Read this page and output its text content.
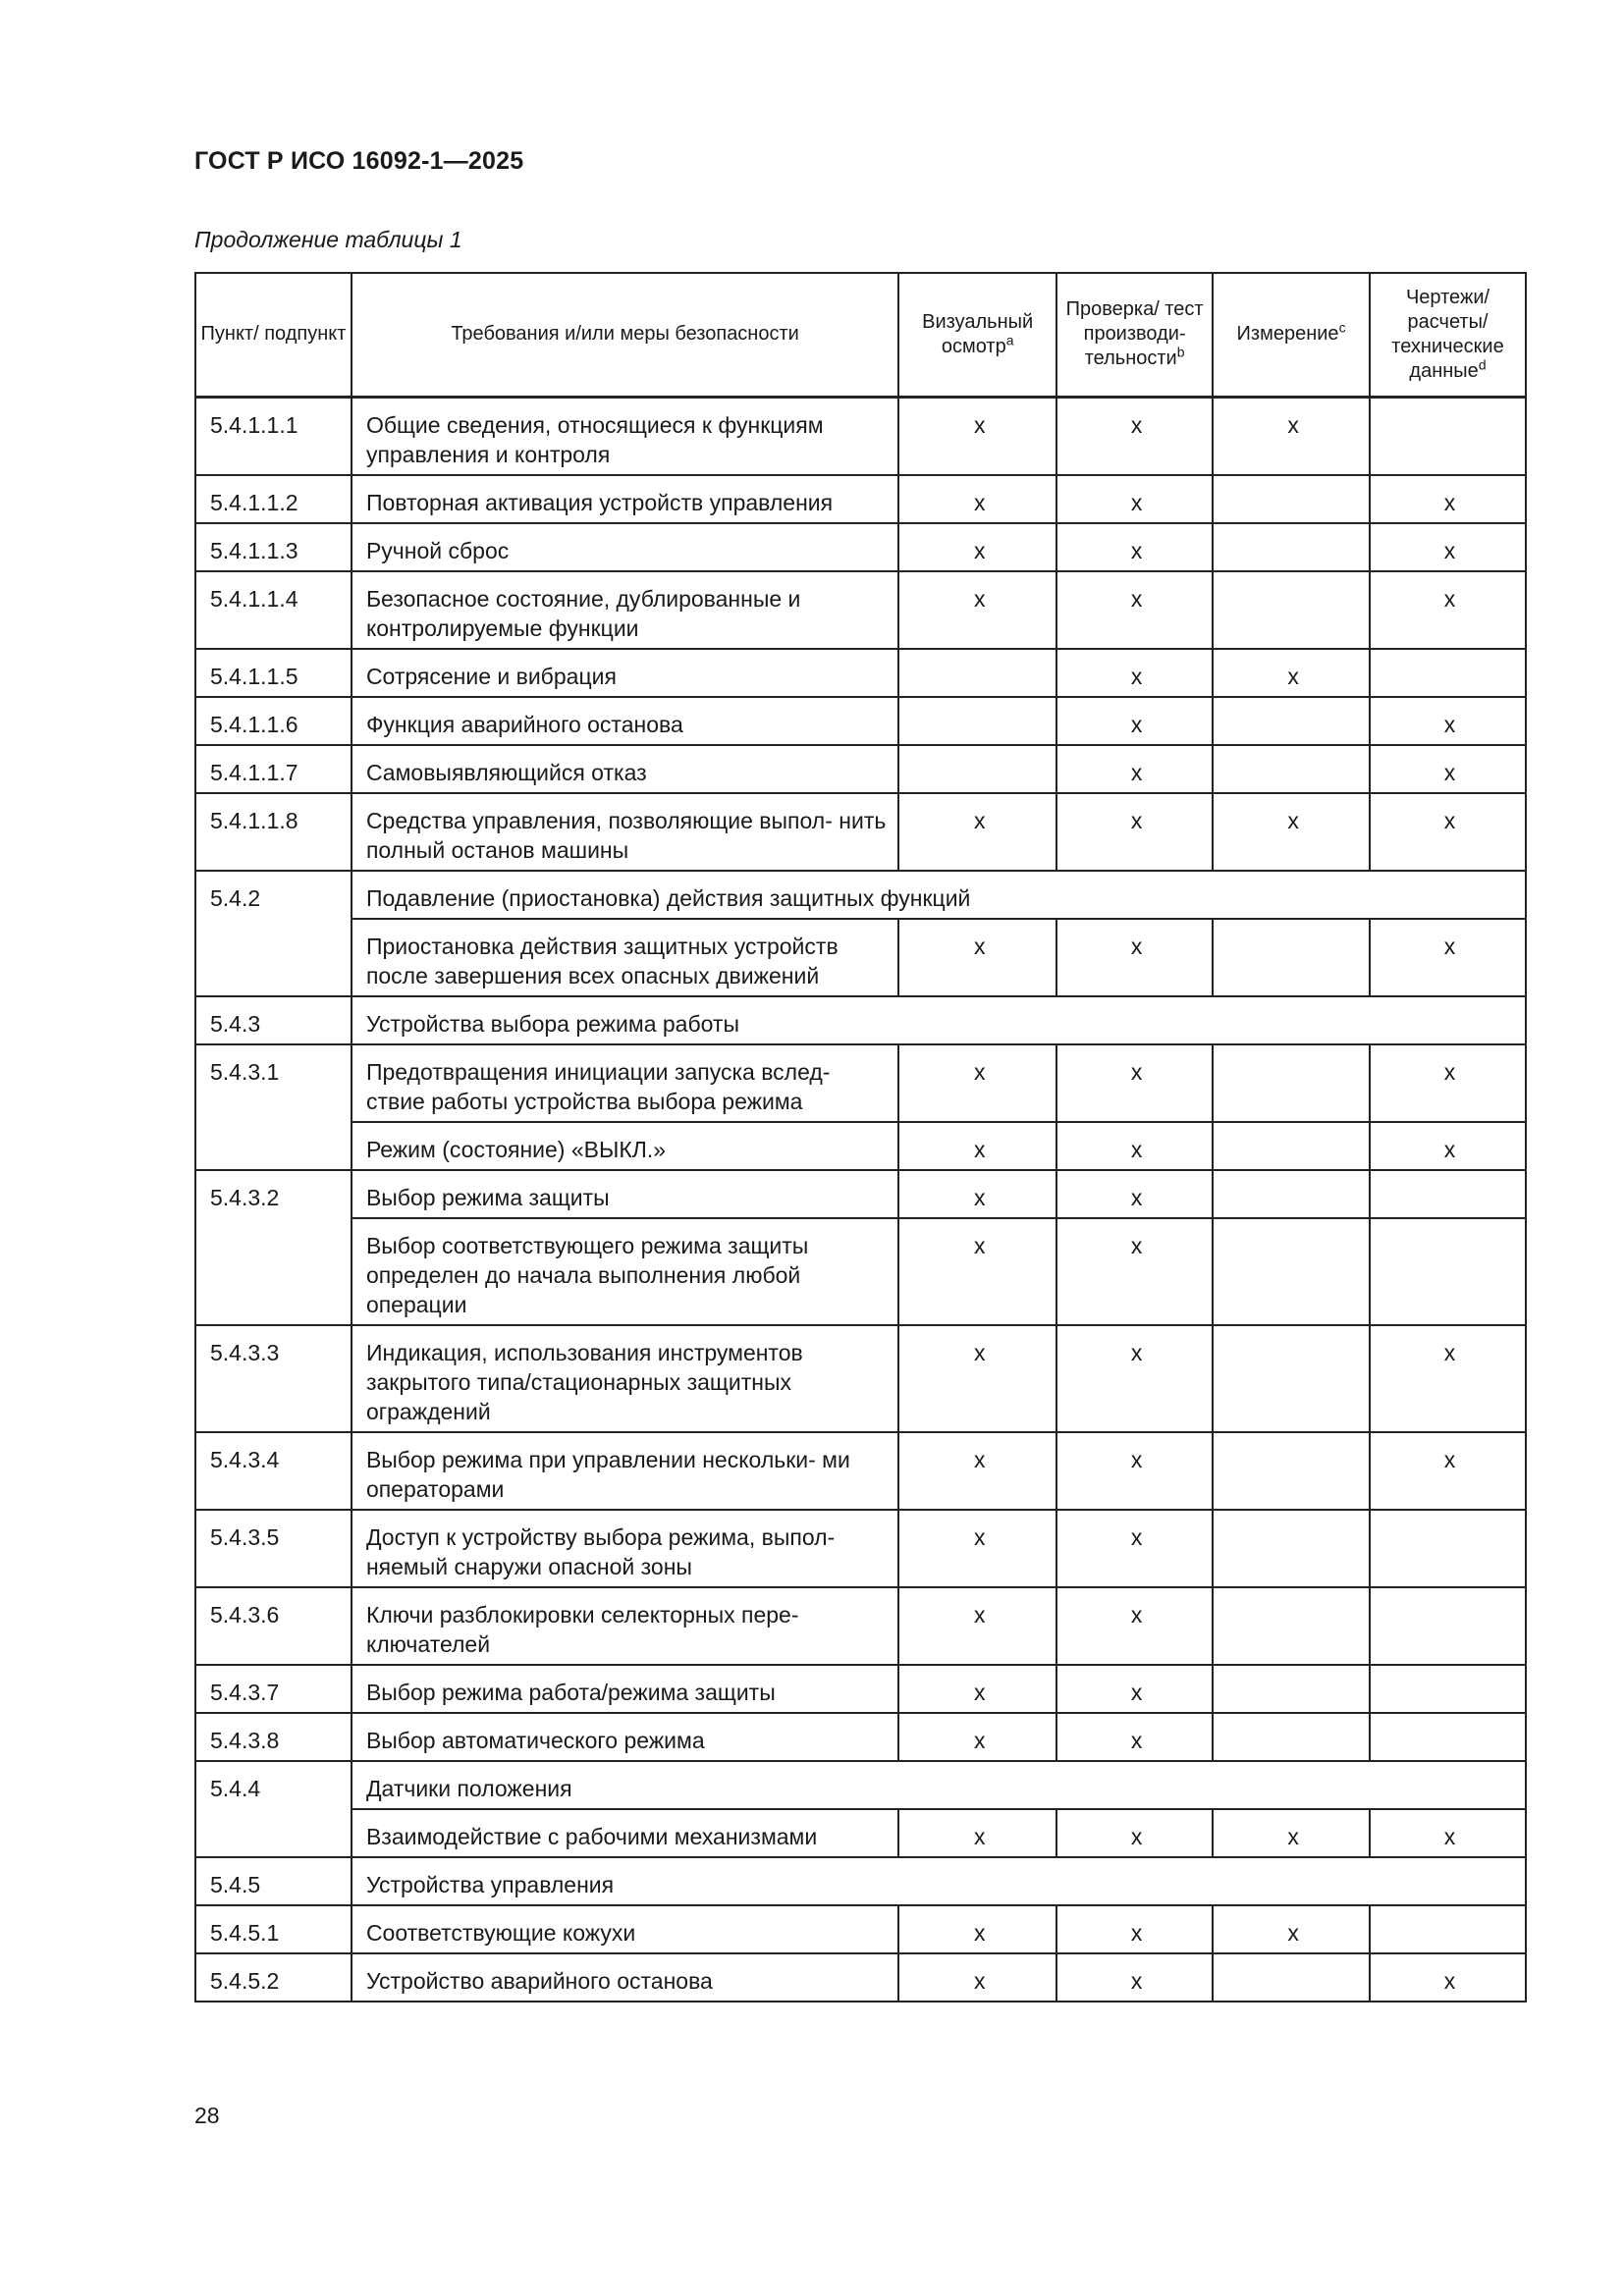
ГОСТ Р ИСО 16092-1—2025
Продолжение таблицы 1
Пункт/ подпункт	Требования и/или меры безопасности	Визуальный осмотр$^a$	Проверка/ тест производи- тельности$^b$	Измерение$^c$	Чертежи/ расчеты/ технические данные$^d$
5.4.1.1.1	Общие сведения, относящиеся к функциям управления и контроля	x	x	x	
5.4.1.1.2	Повторная активация устройств управления	x	x		x
5.4.1.1.3	Ручной сброс	x	x		x
5.4.1.1.4	Безопасное состояние, дублированные и контролируемые функции	x	x		x
5.4.1.1.5	Сотрясение и вибрация		x	x	
5.4.1.1.6	Функция аварийного останова		x		x
5.4.1.1.7	Самовыявляющийся отказ		x		x
5.4.1.1.8	Средства управления, позволяющие выпол- нить полный останов машины	x	x	x	x
5.4.2	Подавление (приостановка) действия защитных функций				
	Приостановка действия защитных устройств после завершения всех опасных движений	x	x		x
5.4.3	Устройства выбора режима работы				
5.4.3.1	Предотвращения инициации запуска вслед- ствие работы устройства выбора режима	x	x		x
	Режим (состояние) «ВЫКЛ.»	x	x		x
5.4.3.2	Выбор режима защиты	x	x		
	Выбор соответствующего режима защиты определен до начала выполнения любой операции	x	x		
5.4.3.3	Индикация, использования инструментов закрытого типа/стационарных защитных ограждений	x	x		x
5.4.3.4	Выбор режима при управлении нескольки- ми операторами	x	x		x
5.4.3.5	Доступ к устройству выбора режима, выпол- няемый снаружи опасной зоны	x	x		
5.4.3.6	Ключи разблокировки селекторных пере- ключателей	x	x		
5.4.3.7	Выбор режима работа/режима защиты	x	x		
5.4.3.8	Выбор автоматического режима	x	x		
5.4.4	Датчики положения				
	Взаимодействие с рабочими механизмами	x	x	x	x
5.4.5	Устройства управления				
5.4.5.1	Соответствующие кожухи	x	x	x	
5.4.5.2	Устройство аварийного останова	x	x		x
28
